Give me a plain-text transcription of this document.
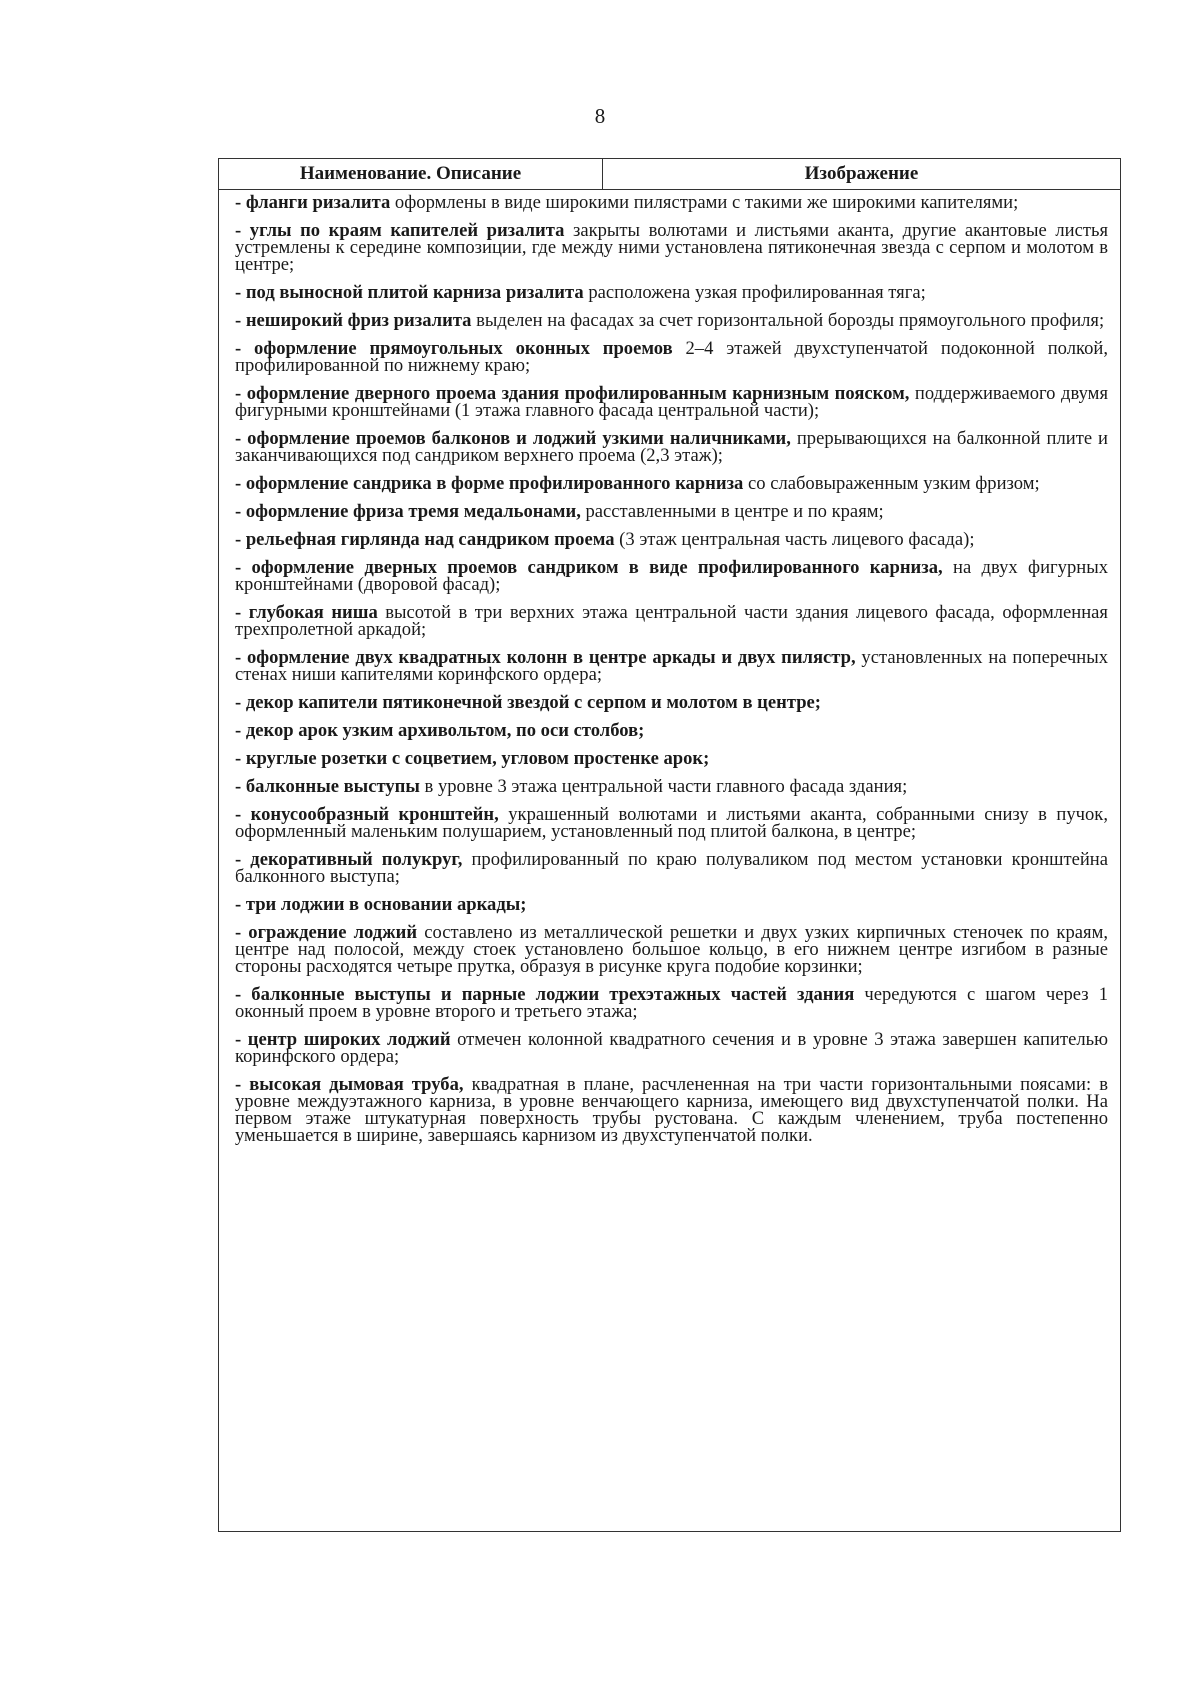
8
Наименование. Описание	Изображение

- фланги ризалита оформлены в виде широкими пилястрами с такими же широкими капителями;

- углы по краям капителей ризалита закрыты волютами и листьями аканта, другие акантовые листья устремлены к середине композиции, где между ними установлена пятиконечная звезда с серпом и молотом в центре;

- под выносной плитой карниза ризалита расположена узкая профилированная тяга;

- неширокий фриз ризалита выделен на фасадах за счет горизонтальной борозды прямоугольного профиля;

- оформление прямоугольных оконных проемов 2–4 этажей двухступенчатой подоконной полкой, профилированной по нижнему краю;

- оформление дверного проема здания профилированным карнизным пояском, поддерживаемого двумя фигурными кронштейнами (1 этажа главного фасада центральной части);

- оформление проемов балконов и лоджий узкими наличниками, прерывающихся на балконной плите и заканчивающихся под сандриком верхнего проема (2,3 этаж);

- оформление сандрика в форме профилированного карниза со слабовыраженным узким фризом;

- оформление фриза тремя медальонами, расставленными в центре и по краям;

- рельефная гирлянда над сандриком проема (3 этаж центральная часть лицевого фасада);

- оформление дверных проемов сандриком в виде профилированного карниза, на двух фигурных кронштейнами (дворовой фасад);

- глубокая ниша высотой в три верхних этажа центральной части здания лицевого фасада, оформленная трехпролетной аркадой;

- оформление двух квадратных колонн в центре аркады и двух пилястр, установленных на поперечных стенах ниши капителями коринфского ордера;

- декор капители пятиконечной звездой с серпом и молотом в центре;

- декор арок узким архивольтом, по оси столбов;

- круглые розетки с соцветием, угловом простенке арок;

- балконные выступы в уровне 3 этажа центральной части главного фасада здания;

- конусообразный кронштейн, украшенный волютами и листьями аканта, собранными снизу в пучок, оформленный маленьким полушарием, установленный под плитой балкона, в центре;

- декоративный полукруг, профилированный по краю полуваликом под местом установки кронштейна балконного выступа;

- три лоджии в основании аркады;

- ограждение лоджий составлено из металлической решетки и двух узких кирпичных стеночек по краям, центре над полосой, между стоек установлено большое кольцо, в его нижнем центре изгибом в разные стороны расходятся четыре прутка, образуя в рисунке круга подобие корзинки;

- балконные выступы и парные лоджии трехэтажных частей здания чередуются с шагом через 1 оконный проем в уровне второго и третьего этажа;

- центр широких лоджий отмечен колонной квадратного сечения и в уровне 3 этажа завершен капителью коринфского ордера;

- высокая дымовая труба, квадратная в плане, расчлененная на три части горизонтальными поясами: в уровне междуэтажного карниза, в уровне венчающего карниза, имеющего вид двухступенчатой полки. На первом этаже штукатурная поверхность трубы рустована. С каждым членением, труба постепенно уменьшается в ширине, завершаясь карнизом из двухступенчатой полки.
